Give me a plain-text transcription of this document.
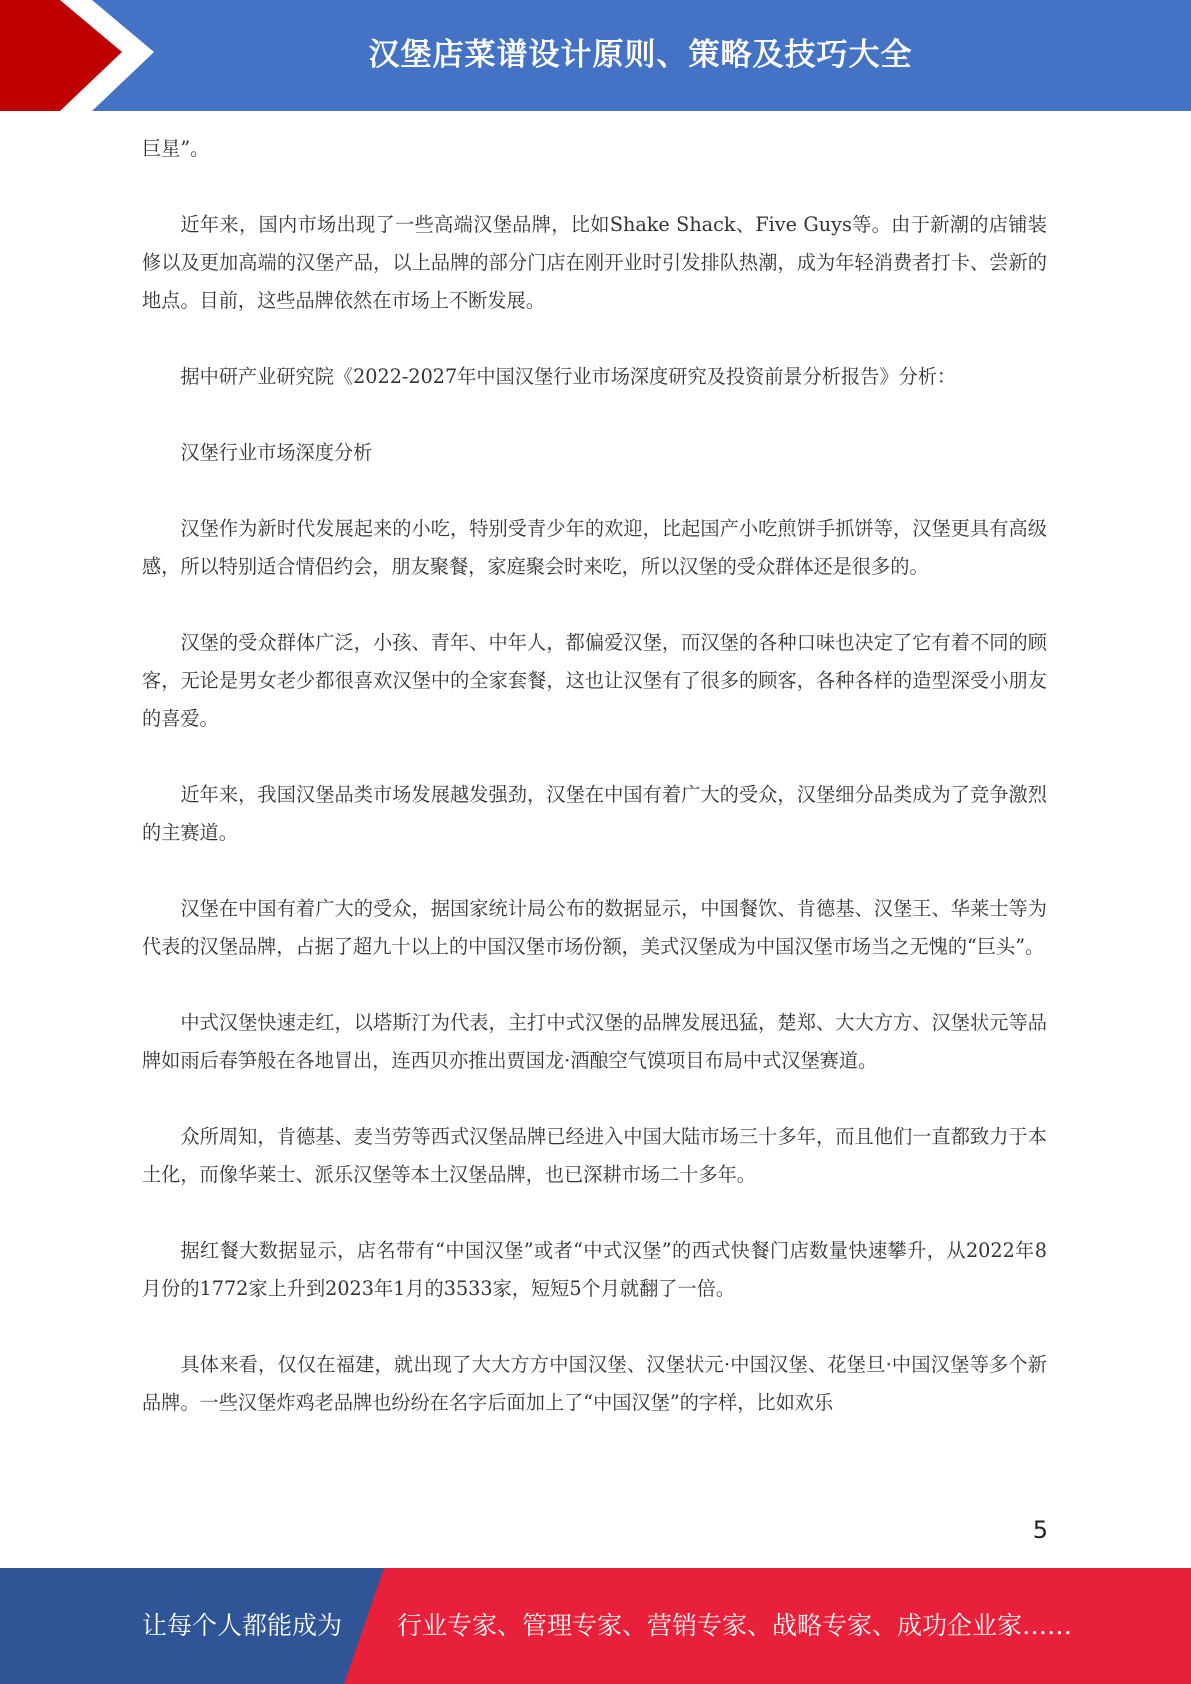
汉堡店菜谱设计原则、策略及技巧大全

巨星”。

近年来，国内市场出现了一些高端汉堡品牌，比如Shake Shack、Five Guys等。由于新潮的店铺装修以及更加高端的汉堡产品，以上品牌的部分门店在刚开业时引发排队热潮，成为年轻消费者打卡、尝新的地点。目前，这些品牌依然在市场上不断发展。

据中研产业研究院《2022-2027年中国汉堡行业市场深度研究及投资前景分析报告》分析：

汉堡行业市场深度分析

汉堡作为新时代发展起来的小吃，特别受青少年的欢迎，比起国产小吃煎饼手抓饼等，汉堡更具有高级感，所以特别适合情侣约会，朋友聚餐，家庭聚会时来吃，所以汉堡的受众群体还是很多的。

汉堡的受众群体广泛，小孩、青年、中年人，都偏爱汉堡，而汉堡的各种口味也决定了它有着不同的顾客，无论是男女老少都很喜欢汉堡中的全家套餐，这也让汉堡有了很多的顾客，各种各样的造型深受小朋友的喜爱。

近年来，我国汉堡品类市场发展越发强劲，汉堡在中国有着广大的受众，汉堡细分品类成为了竞争激烈的主赛道。

汉堡在中国有着广大的受众，据国家统计局公布的数据显示，中国餐饮、肯德基、汉堡王、华莱士等为代表的汉堡品牌，占据了超九十以上的中国汉堡市场份额，美式汉堡成为中国汉堡市场当之无愧的“巨头”。

中式汉堡快速走红，以塔斯汀为代表，主打中式汉堡的品牌发展迅猛，楚郑、大大方方、汉堡状元等品牌如雨后春笋般在各地冒出，连西贝亦推出贾国龙·酒酿空气馍项目布局中式汉堡赛道。

众所周知，肯德基、麦当劳等西式汉堡品牌已经进入中国大陆市场三十多年，而且他们一直都致力于本土化，而像华莱士、派乐汉堡等本土汉堡品牌，也已深耕市场二十多年。

据红餐大数据显示，店名带有“中国汉堡”或者“中式汉堡”的西式快餐门店数量快速攀升，从2022年8月份的1772家上升到2023年1月的3533家，短短5个月就翻了一倍。

具体来看，仅仅在福建，就出现了大大方方中国汉堡、汉堡状元·中国汉堡、花堡旦·中国汉堡等多个新品牌。一些汉堡炸鸡老品牌也纷纷在名字后面加上了“中国汉堡”的字样，比如欢乐

5
让每个人都能成为 行业专家、管理专家、营销专家、战略专家、成功企业家……
